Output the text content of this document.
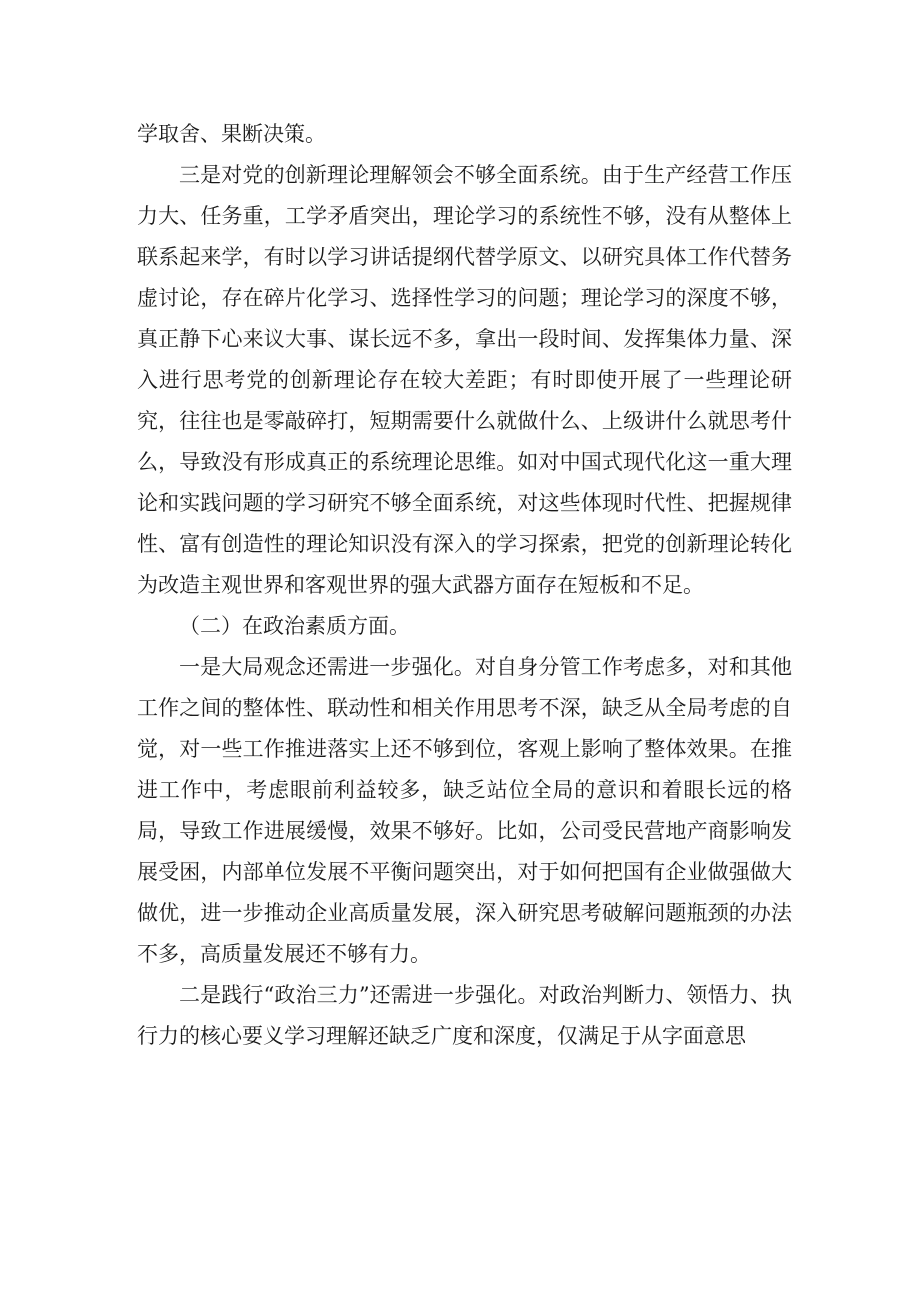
学取舍、果断决策。

三是对党的创新理论理解领会不够全面系统。由于生产经营工作压力大、任务重，工学矛盾突出，理论学习的系统性不够，没有从整体上联系起来学，有时以学习讲话提纲代替学原文、以研究具体工作代替务虚讨论，存在碎片化学习、选择性学习的问题；理论学习的深度不够，真正静下心来议大事、谋长远不多，拿出一段时间、发挥集体力量、深入进行思考党的创新理论存在较大差距；有时即使开展了一些理论研究，往往也是零敲碎打，短期需要什么就做什么、上级讲什么就思考什么，导致没有形成真正的系统理论思维。如对中国式现代化这一重大理论和实践问题的学习研究不够全面系统，对这些体现时代性、把握规律性、富有创造性的理论知识没有深入的学习探索，把党的创新理论转化为改造主观世界和客观世界的强大武器方面存在短板和不足。

（二）在政治素质方面。

一是大局观念还需进一步强化。对自身分管工作考虑多，对和其他工作之间的整体性、联动性和相关作用思考不深，缺乏从全局考虑的自觉，对一些工作推进落实上还不够到位，客观上影响了整体效果。在推进工作中，考虑眼前利益较多，缺乏站位全局的意识和着眼长远的格局，导致工作进展缓慢，效果不够好。比如，公司受民营地产商影响发展受困，内部单位发展不平衡问题突出，对于如何把国有企业做强做大做优，进一步推动企业高质量发展，深入研究思考破解问题瓶颈的办法不多，高质量发展还不够有力。

二是践行“政治三力”还需进一步强化。对政治判断力、领悟力、执行力的核心要义学习理解还缺乏广度和深度，仅满足于从字面意思
